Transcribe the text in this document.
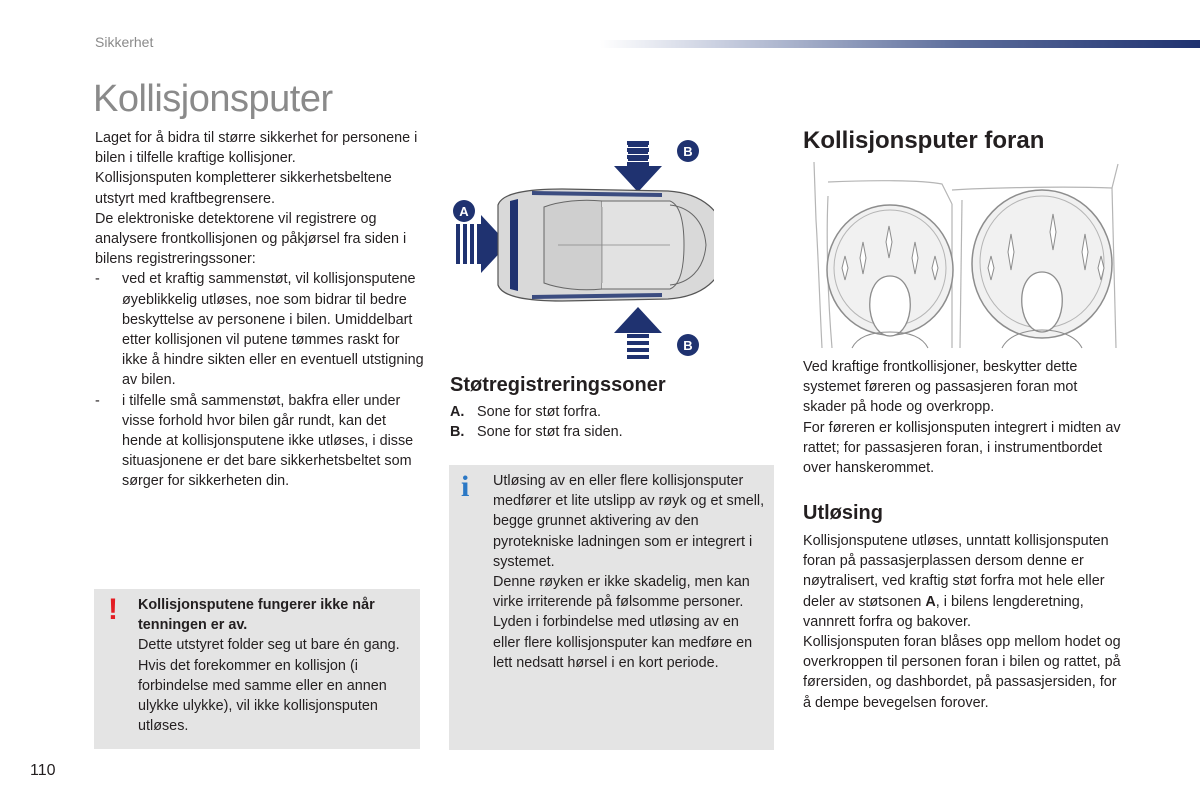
Sikkerhet
Kollisjonsputer

Laget for å bidra til større sikkerhet for personene i bilen i tilfelle kraftige kollisjoner.

Kollisjonsputen kompletterer sikkerhetsbeltene utstyrt med kraftbegrensere.

De elektroniske detektorene vil registrere og analysere frontkollisjonen og påkjørsel fra siden i bilens registreringssoner:

-	ved et kraftig sammenstøt, vil kollisjonsputene øyeblikkelig utløses, noe som bidrar til bedre beskyttelse av personene i bilen. Umiddelbart etter kollisjonen vil putene tømmes raskt for ikke å hindre sikten eller en eventuell utstigning av bilen.
-	i tilfelle små sammenstøt, bakfra eller under visse forhold hvor bilen går rundt, kan det hende at kollisjonsputene ikke utløses, i disse situasjonene er det bare sikkerhetsbeltet som sørger for sikkerheten din.
! Kollisjonsputene fungerer ikke når tenningen er av.
Dette utstyret folder seg ut bare én gang. Hvis det forekommer en kollisjon (i forbindelse med samme eller en annen ulykke ulykke), vil ikke kollisjonsputen utløses.
B
A
B
Støtregistreringssoner
A. Sone for støt forfra.
B. Sone for støt fra siden.
i Utløsing av en eller flere kollisjonsputer medfører et lite utslipp av røyk og et smell, begge grunnet aktivering av den pyrotekniske ladningen som er integrert i systemet.
Denne røyken er ikke skadelig, men kan virke irriterende på følsomme personer.
Lyden i forbindelse med utløsing av en eller flere kollisjonsputer kan medføre en lett nedsatt hørsel i en kort periode.
Kollisjonsputer foran
Ved kraftige frontkollisjoner, beskytter dette systemet føreren og passasjeren foran mot skader på hode og overkropp.
For føreren er kollisjonsputen integrert i midten av rattet; for passasjeren foran, i instrumentbordet over hanskerommet.
Utløsing
Kollisjonsputene utløses, unntatt kollisjonsputen foran på passasjerplassen dersom denne er nøytralisert, ved kraftig støt forfra mot hele eller deler av støtsonen A, i bilens lengderetning, vannrett forfra og bakover.
Kollisjonsputen foran blåses opp mellom hodet og overkroppen til personen foran i bilen og rattet, på førersiden, og dashbordet, på passasjersiden, for å dempe bevegelsen forover.
110
